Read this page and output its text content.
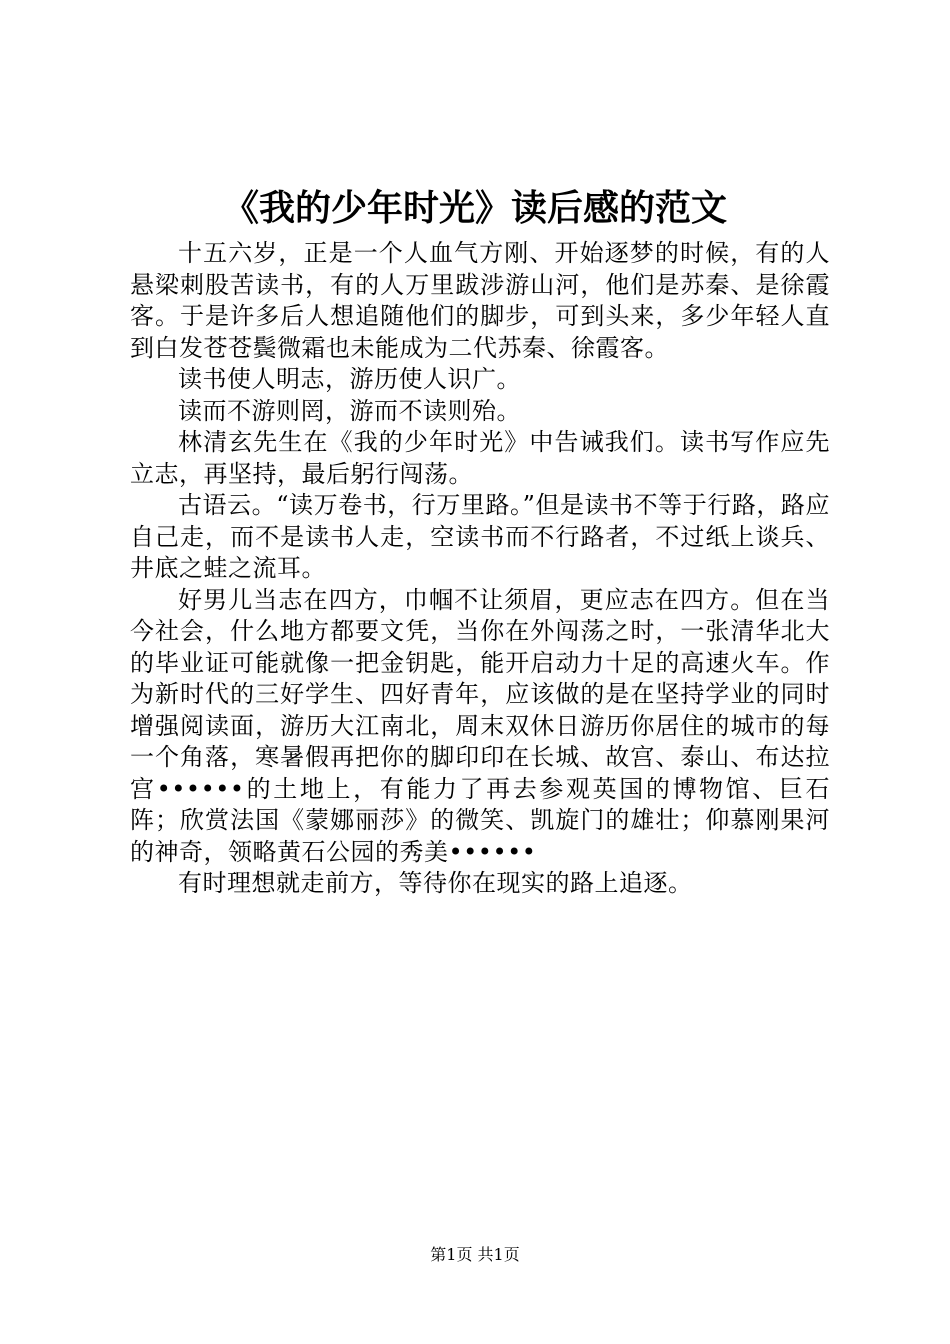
《我的少年时光》读后感的范文

十五六岁，正是一个人血气方刚、开始逐梦的时候，有的人悬梁刺股苦读书，有的人万里跋涉游山河，他们是苏秦、是徐霞客。于是许多后人想追随他们的脚步，可到头来，多少年轻人直到白发苍苍鬓微霜也未能成为二代苏秦、徐霞客。

读书使人明志，游历使人识广。

读而不游则罔，游而不读则殆。

林清玄先生在《我的少年时光》中告诫我们。读书写作应先立志，再坚持，最后躬行闯荡。

古语云。“读万卷书，行万里路。”但是读书不等于行路，路应自己走，而不是读书人走，空读书而不行路者，不过纸上谈兵、井底之蛙之流耳。

好男儿当志在四方，巾帼不让须眉，更应志在四方。但在当今社会，什么地方都要文凭，当你在外闯荡之时，一张清华北大的毕业证可能就像一把金钥匙，能开启动力十足的高速火车。作为新时代的三好学生、四好青年，应该做的是在坚持学业的同时增强阅读面，游历大江南北，周末双休日游历你居住的城市的每一个角落，寒暑假再把你的脚印印在长城、故宫、泰山、布达拉宫••••••的土地上，有能力了再去参观英国的博物馆、巨石阵；欣赏法国《蒙娜丽莎》的微笑、凯旋门的雄壮；仰慕刚果河的神奇，领略黄石公园的秀美••••••

有时理想就走前方，等待你在现实的路上追逐。

第1页 共1页
